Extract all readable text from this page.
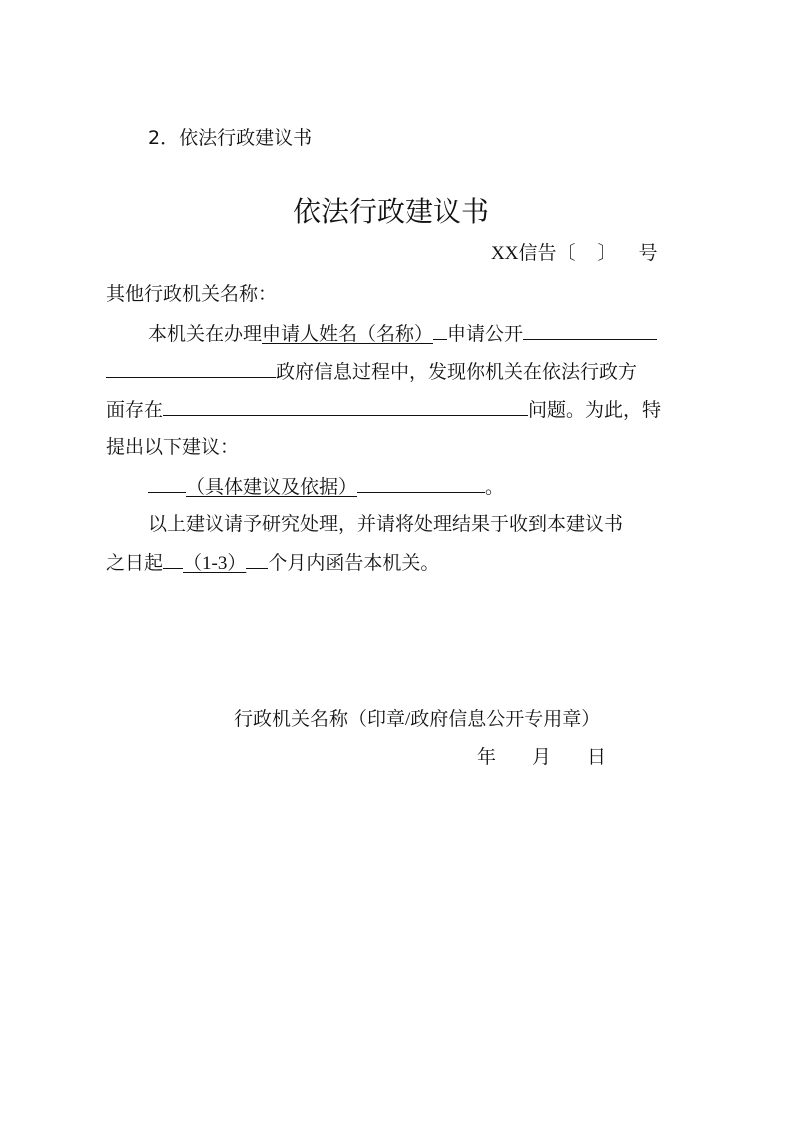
2．依法行政建议书
依法行政建议书
XX信告〔 〕 号
其他行政机关名称：
本机关在办理申请人姓名（名称） 申请公开
政府信息过程中，发现你机关在依法行政方
面存在	问题。为此，特
提出以下建议：
（具体建议及依据）	。
以上建议请予研究处理，并请将处理结果于收到本建议书
之日起 （1-3） 个月内函告本机关。
行政机关名称（印章/政府信息公开专用章）
年 月 日
